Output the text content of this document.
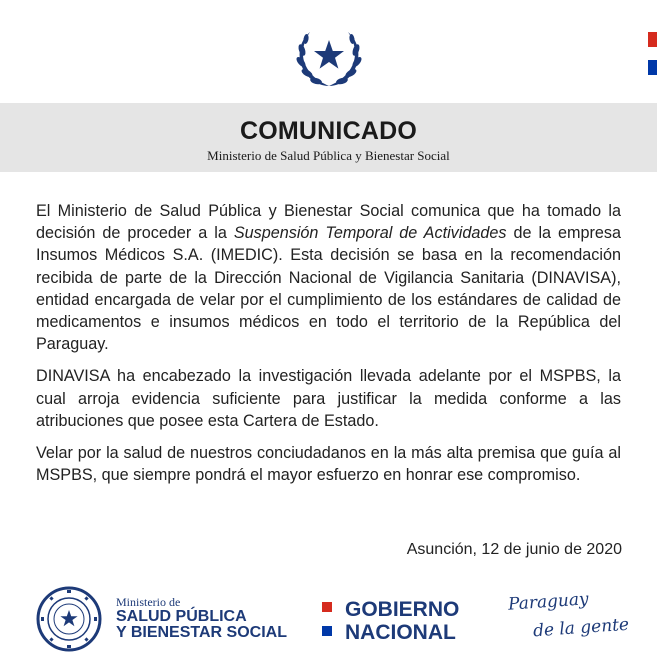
COMUNICADO
Ministerio de Salud Pública y Bienestar Social

El Ministerio de Salud Pública y Bienestar Social comunica que ha tomado la decisión de proceder a la Suspensión Temporal de Actividades de la empresa Insumos Médicos S.A. (IMEDIC). Esta decisión se basa en la recomendación recibida de parte de la Dirección Nacional de Vigilancia Sanitaria (DINAVISA), entidad encargada de velar por el cumplimiento de los estándares de calidad de medicamentos e insumos médicos en todo el territorio de la República del Paraguay.

DINAVISA ha encabezado la investigación llevada adelante por el MSPBS, la cual arroja evidencia suficiente para justificar la medida conforme a las atribuciones que posee esta Cartera de Estado.

Velar por la salud de nuestros conciudadanos en la más alta premisa que guía al MSPBS, que siempre pondrá el mayor esfuerzo en honrar ese compromiso.

Asunción, 12 de junio de 2020
Ministerio de
SALUD PÚBLICA
Y BIENESTAR SOCIAL
GOBIERNO
NACIONAL
Paraguay
de la gente
